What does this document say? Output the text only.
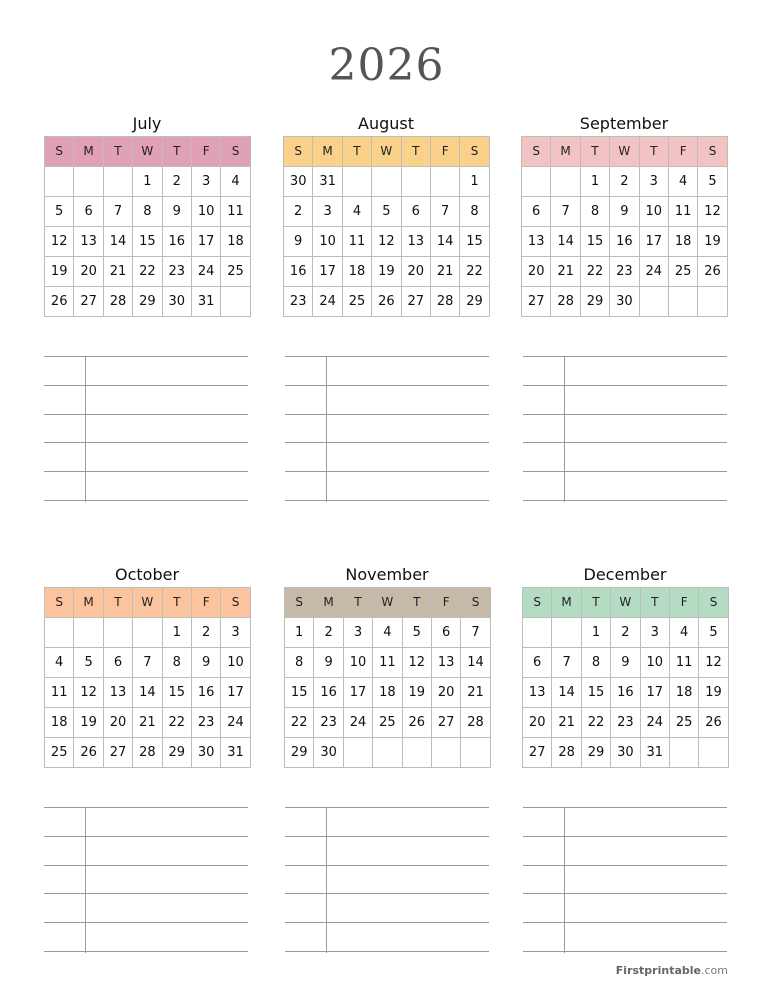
2026
July
S	M	T	W	T	F	S
			1	2	3	4
5	6	7	8	9	10	11
12	13	14	15	16	17	18
19	20	21	22	23	24	25
26	27	28	29	30	31	
August
S	M	T	W	T	F	S
30	31					1
2	3	4	5	6	7	8
9	10	11	12	13	14	15
16	17	18	19	20	21	22
23	24	25	26	27	28	29
September
S	M	T	W	T	F	S
		1	2	3	4	5
6	7	8	9	10	11	12
13	14	15	16	17	18	19
20	21	22	23	24	25	26
27	28	29	30			
October
S	M	T	W	T	F	S
				1	2	3
4	5	6	7	8	9	10
11	12	13	14	15	16	17
18	19	20	21	22	23	24
25	26	27	28	29	30	31
November
S	M	T	W	T	F	S
1	2	3	4	5	6	7
8	9	10	11	12	13	14
15	16	17	18	19	20	21
22	23	24	25	26	27	28
29	30					
December
S	M	T	W	T	F	S
		1	2	3	4	5
6	7	8	9	10	11	12
13	14	15	16	17	18	19
20	21	22	23	24	25	26
27	28	29	30	31		
Firstprintable.com
